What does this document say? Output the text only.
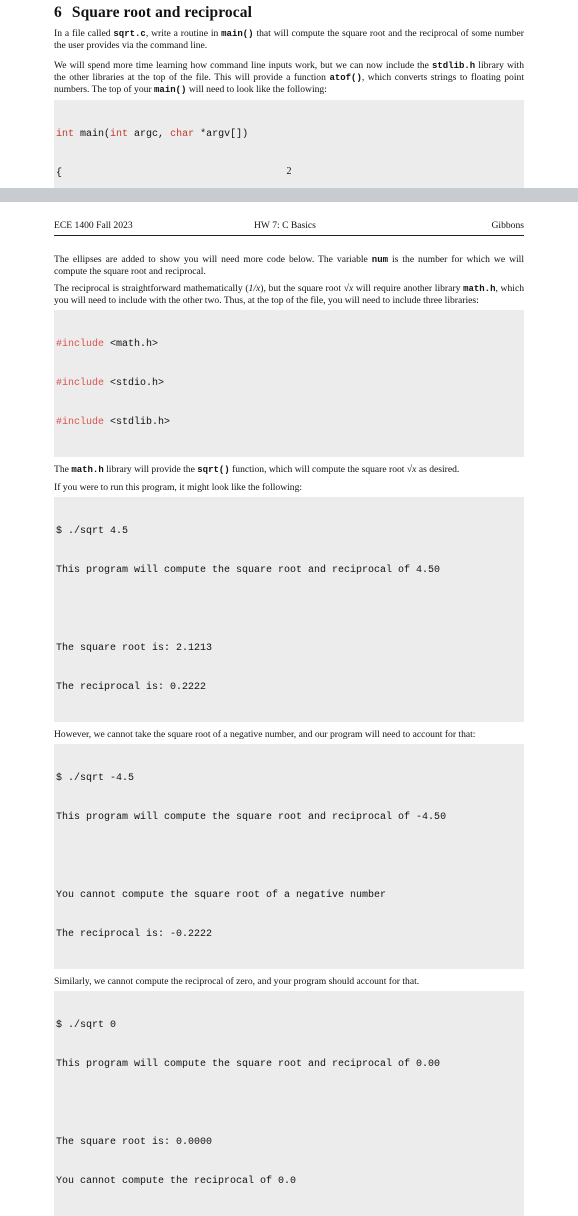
6 Square root and reciprocal

In a file called sqrt.c, write a routine in main() that will compute the square root and the reciprocal of some number the user provides via the command line.

We will spend more time learning how command line inputs work, but we can now include the stdlib.h library with the other libraries at the top of the file. This will provide a function atof(), which converts strings to floating point numbers. The top of your main() will need to look like the following:

int main(int argc, char *argv[])

{

	2
ECE 1400 Fall 2023	HW 7: C Basics	Gibbons

The ellipses are added to show you will need more code below. The variable num is the number for which we will compute the square root and reciprocal.

The reciprocal is straightforward mathematically (1/x), but the square root √x will require another library math.h, which you will need to include with the other two. Thus, at the top of the file, you will need to include three libraries:

#include <math.h>

#include <stdio.h>

#include <stdlib.h>

The math.h library will provide the sqrt() function, which will compute the square root √x as desired.

If you were to run this program, it might look like the following:

$ ./sqrt 4.5

This program will compute the square root and reciprocal of 4.50

The square root is: 2.1213

The reciprocal is: 0.2222

However, we cannot take the square root of a negative number, and our program will need to account for that:

$ ./sqrt -4.5

This program will compute the square root and reciprocal of -4.50

You cannot compute the square root of a negative number

The reciprocal is: -0.2222

Similarly, we cannot compute the reciprocal of zero, and your program should account for that.

$ ./sqrt 0

This program will compute the square root and reciprocal of 0.00

The square root is: 0.0000

You cannot compute the reciprocal of 0.0
